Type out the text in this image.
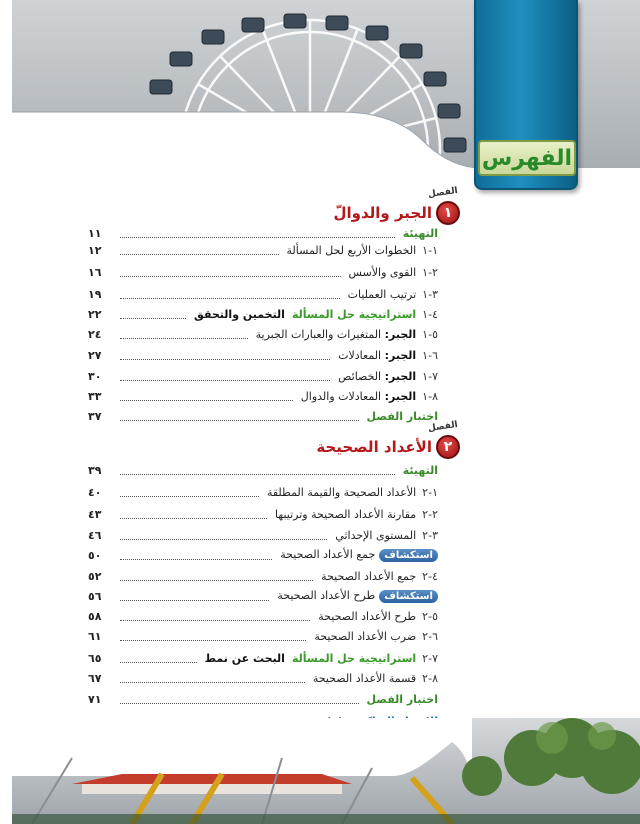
الفهرس
الفصل
١
الجبر والدوالّ
التهيئة
١١
١-١الخطوات الأربع لحل المسألة
١٢
٢-١القوى والأسس
١٦
٣-١ترتيب العمليات
١٩
٤-١استراتيجية حل المسألة  التخمين والتحقق
٢٢
٥-١الجبر: المتغيرات والعبارات الجبرية
٢٤
٦-١الجبر: المعادلات
٢٧
٧-١الجبر: الخصائص
٣٠
٨-١الجبر: المعادلات والدوال
٣٣
اختبار الفصل
٣٧
الفصل
٢
الأعداد الصحيحة
التهيئة
٣٩
١-٢الأعداد الصحيحة والقيمة المطلقة
٤٠
٢-٢مقارنة الأعداد الصحيحة وترتيبها
٤٣
٣-٢المستوى الإحداثي
٤٦
استكشافجمع الأعداد الصحيحة
٥٠
٤-٢جمع الأعداد الصحيحة
٥٢
استكشافطرح الأعداد الصحيحة
٥٦
٥-٢طرح الأعداد الصحيحة
٥٨
٦-٢ضرب الأعداد الصحيحة
٦١
٧-٢استراتيجية حل المسألة  البحث عن نمط
٦٥
٨-٢قسمة الأعداد الصحيحة
٦٧
اختبار الفصل
٧١
